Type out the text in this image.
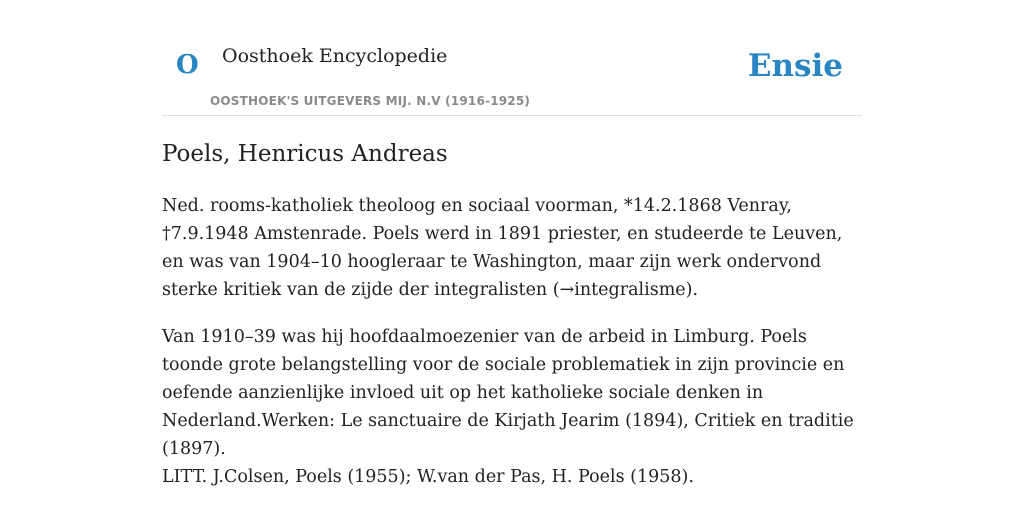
O Oosthoek Encyclopedie
OOSTHOEK'S UITGEVERS MIJ. N.V (1916-1925)
Ensie
Poels, Henricus Andreas

Ned. rooms-katholiek theoloog en sociaal voorman, *14.2.1868 Venray, †7.9.1948 Amstenrade. Poels werd in 1891 priester, en studeerde te Leuven, en was van 1904–10 hoogleraar te Washington, maar zijn werk ondervond sterke kritiek van de zijde der integralisten (→integralisme).

Van 1910–39 was hij hoofdaalmoezenier van de arbeid in Limburg. Poels toonde grote belangstelling voor de sociale problematiek in zijn provincie en oefende aanzienlijke invloed uit op het katholieke sociale denken in Nederland.Werken: Le sanctuaire de Kirjath Jearim (1894), Critiek en traditie (1897).

LITT. J.Colsen, Poels (1955); W.van der Pas, H. Poels (1958).
